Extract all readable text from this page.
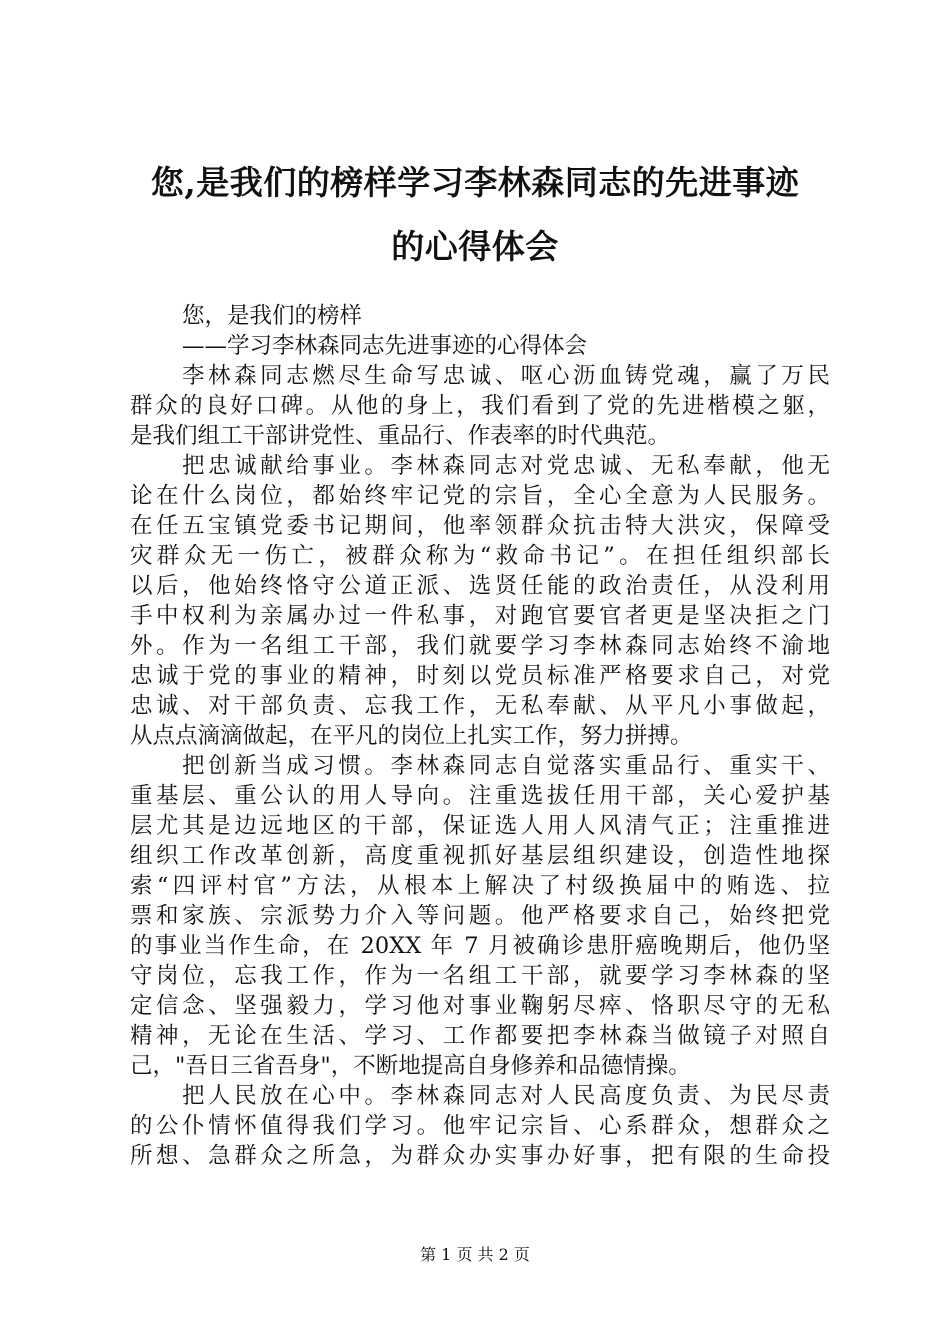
您,是我们的榜样学习李林森同志的先进事迹
的心得体会
您，是我们的榜样
——学习李林森同志先进事迹的心得体会
李林森同志燃尽生命写忠诚、呕心沥血铸党魂，赢了万民
群众的良好口碑。从他的身上，我们看到了党的先进楷模之躯，
是我们组工干部讲党性、重品行、作表率的时代典范。
把忠诚献给事业。李林森同志对党忠诚、无私奉献，他无
论在什么岗位，都始终牢记党的宗旨，全心全意为人民服务。
在任五宝镇党委书记期间，他率领群众抗击特大洪灾，保障受
灾群众无一伤亡，被群众称为“救命书记”。在担任组织部长
以后，他始终恪守公道正派、选贤任能的政治责任，从没利用
手中权利为亲属办过一件私事，对跑官要官者更是坚决拒之门
外。作为一名组工干部，我们就要学习李林森同志始终不渝地
忠诚于党的事业的精神，时刻以党员标准严格要求自己，对党
忠诚、对干部负责、忘我工作，无私奉献、从平凡小事做起，
从点点滴滴做起，在平凡的岗位上扎实工作，努力拼搏。
把创新当成习惯。李林森同志自觉落实重品行、重实干、
重基层、重公认的用人导向。注重选拔任用干部，关心爱护基
层尤其是边远地区的干部，保证选人用人风清气正；注重推进
组织工作改革创新，高度重视抓好基层组织建设，创造性地探
索“四评村官”方法，从根本上解决了村级换届中的贿选、拉
票和家族、宗派势力介入等问题。他严格要求自己，始终把党
的事业当作生命，在 20XX 年 7 月被确诊患肝癌晚期后，他仍坚
守岗位，忘我工作，作为一名组工干部，就要学习李林森的坚
定信念、坚强毅力，学习他对事业鞠躬尽瘁、恪职尽守的无私
精神，无论在生活、学习、工作都要把李林森当做镜子对照自
己，"吾日三省吾身"，不断地提高自身修养和品德情操。
把人民放在心中。李林森同志对人民高度负责、为民尽责
的公仆情怀值得我们学习。他牢记宗旨、心系群众，想群众之
所想、急群众之所急，为群众办实事办好事，把有限的生命投
第 1 页 共 2 页
